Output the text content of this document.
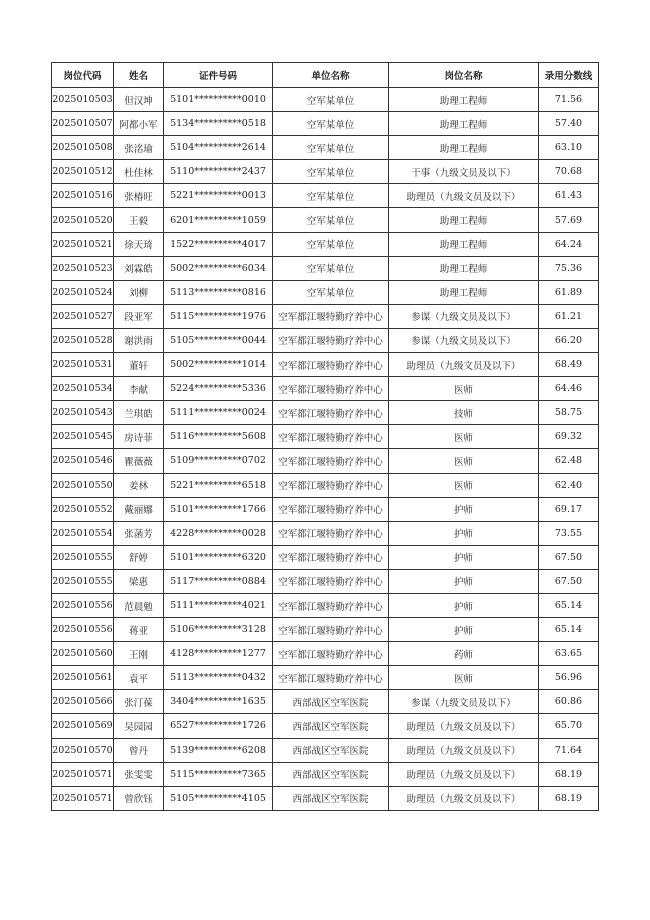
岗位代码	姓名	证件号码	单位名称	岗位名称	录用分数线
2025010503	但汉坤	5101**********0010	空军某单位	助理工程师	71.56
2025010507	阿都小军	5134**********0518	空军某单位	助理工程师	57.40
2025010508	张洺瑜	5104**********2614	空军某单位	助理工程师	63.10
2025010512	杜佳林	5110**********2437	空军某单位	干事（九级文员及以下）	70.68
2025010516	张椿旺	5221**********0013	空军某单位	助理员（九级文员及以下）	61.43
2025010520	王毅	6201**********1059	空军某单位	助理工程师	57.69
2025010521	徐天琦	1522**********4017	空军某单位	助理工程师	64.24
2025010523	刘霖皓	5002**********6034	空军某单位	助理工程师	75.36
2025010524	刘柳	5113**********0816	空军某单位	助理工程师	61.89
2025010527	段亚军	5115**********1976	空军都江堰特勤疗养中心	参谋（九级文员及以下）	61.21
2025010528	谢洪雨	5105**********0044	空军都江堰特勤疗养中心	参谋（九级文员及以下）	66.20
2025010531	董轩	5002**********1014	空军都江堰特勤疗养中心	助理员（九级文员及以下）	68.49
2025010534	李献	5224**********5336	空军都江堰特勤疗养中心	医师	64.46
2025010543	兰琪皓	5111**********0024	空军都江堰特勤疗养中心	技师	58.75
2025010545	房诗菲	5116**********5608	空军都江堰特勤疗养中心	医师	69.32
2025010546	瞿薇薇	5109**********0702	空军都江堰特勤疗养中心	医师	62.48
2025010550	姜林	5221**********6518	空军都江堰特勤疗养中心	医师	62.40
2025010552	戴丽娜	5101**********1766	空军都江堰特勤疗养中心	护师	69.17
2025010554	张菡芳	4228**********0028	空军都江堰特勤疗养中心	护师	73.55
2025010555	舒婷	5101**********6320	空军都江堰特勤疗养中心	护师	67.50
2025010555	梁惠	5117**********0884	空军都江堰特勤疗养中心	护师	67.50
2025010556	范晨勉	5111**********4021	空军都江堰特勤疗养中心	护师	65.14
2025010556	蒋亚	5106**********3128	空军都江堰特勤疗养中心	护师	65.14
2025010560	王刚	4128**********1277	空军都江堰特勤疗养中心	药师	63.65
2025010561	袁平	5113**********0432	空军都江堰特勤疗养中心	医师	56.96
2025010566	张汀葆	3404**********1635	西部战区空军医院	参谋（九级文员及以下）	60.86
2025010569	吴园园	6527**********1726	西部战区空军医院	助理员（九级文员及以下）	65.70
2025010570	曾丹	5139**********6208	西部战区空军医院	助理员（九级文员及以下）	71.64
2025010571	张雯雯	5115**********7365	西部战区空军医院	助理员（九级文员及以下）	68.19
2025010571	曾欣钰	5105**********4105	西部战区空军医院	助理员（九级文员及以下）	68.19
